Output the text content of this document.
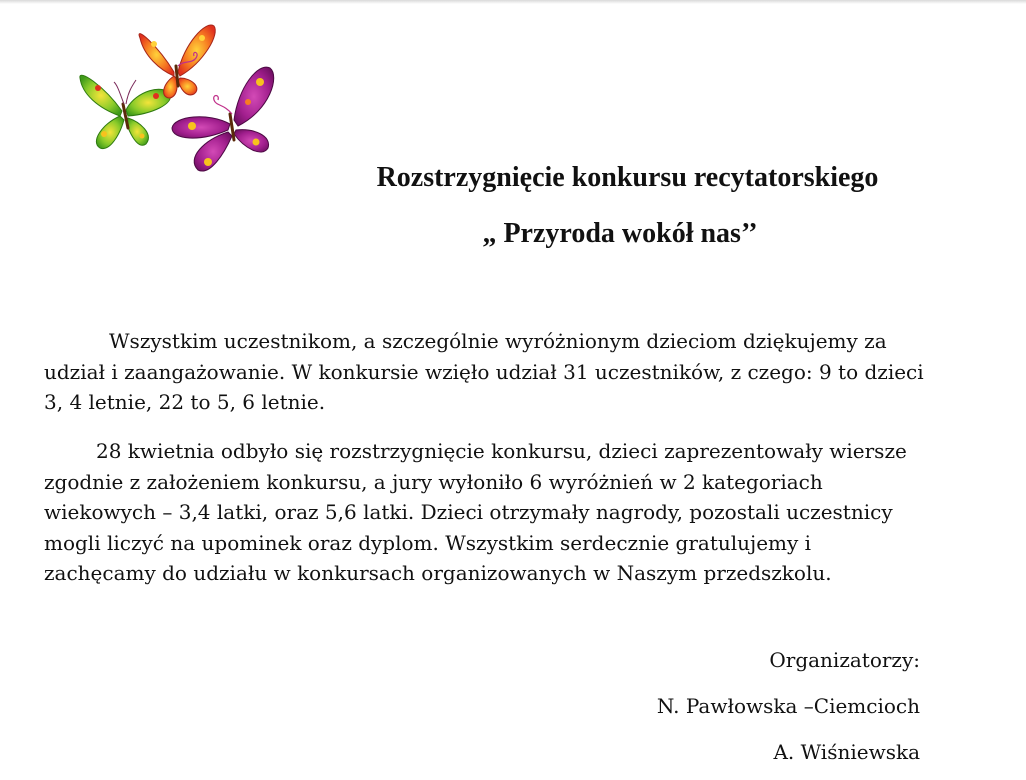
Rozstrzygnięcie konkursu recytatorskiego
„ Przyroda wokół nas’’

Wszystkim uczestnikom, a szczególnie wyróżnionym dzieciom dziękujemy za udział i zaangażowanie. W konkursie wzięło udział 31 uczestników, z czego: 9 to dzieci 3, 4 letnie, 22 to 5, 6 letnie.

28 kwietnia odbyło się rozstrzygnięcie konkursu, dzieci zaprezentowały wiersze zgodnie z założeniem konkursu, a jury wyłoniło 6 wyróżnień w 2 kategoriach wiekowych – 3,4 latki, oraz 5,6 latki. Dzieci otrzymały nagrody, pozostali uczestnicy mogli liczyć na upominek oraz dyplom. Wszystkim serdecznie gratulujemy i zachęcamy do udziału w konkursach organizowanych w Naszym przedszkolu.

Organizatorzy:

N. Pawłowska –Ciemcioch

A. Wiśniewska
